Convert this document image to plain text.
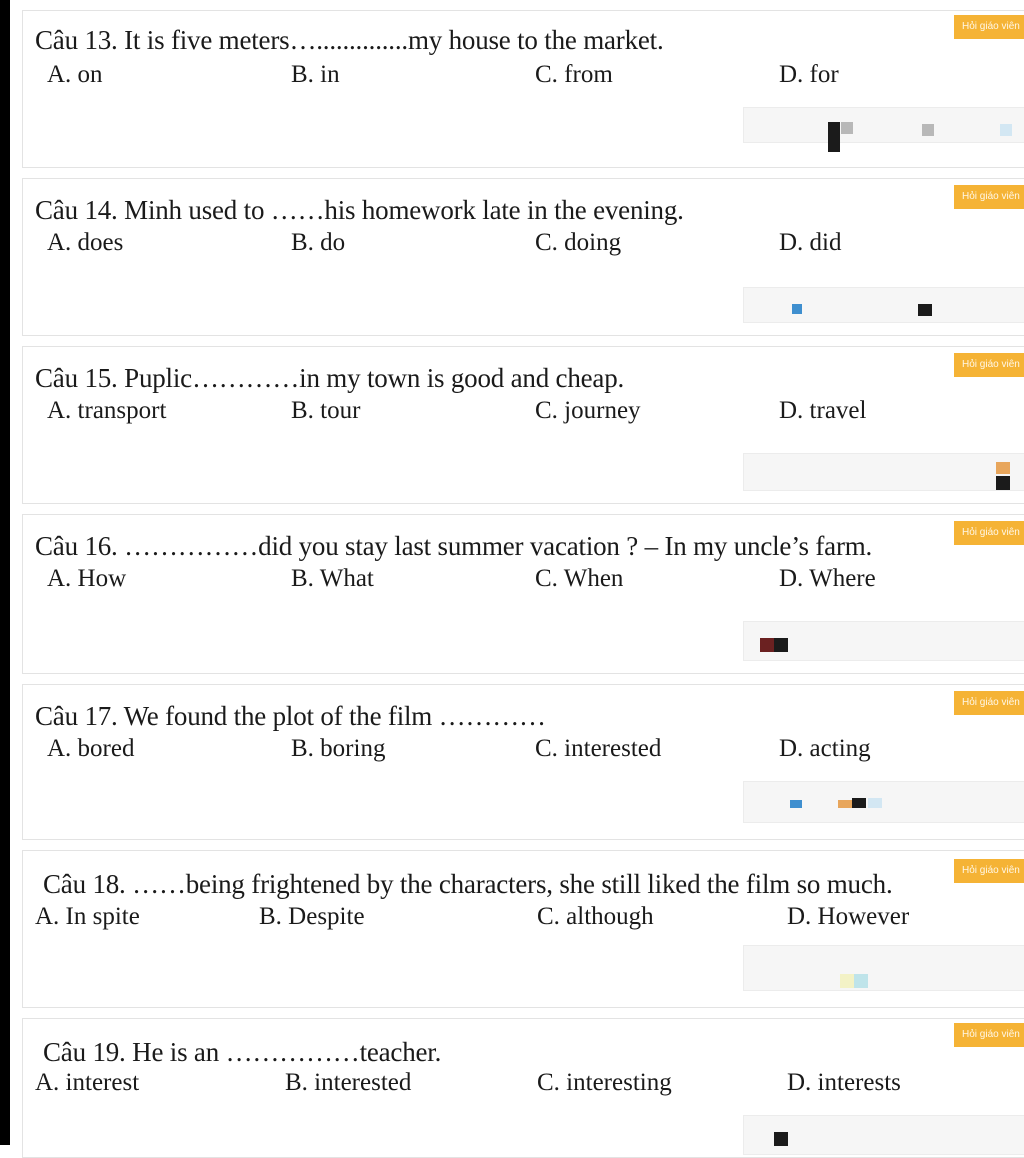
Câu 13. It is five meters…..............my house to the market.	Hỏi giáo viên
A. on	B. in	C. from	D. for
Câu 14. Minh used to ……his homework late in the evening.	Hỏi giáo viên
A. does	B. do	C. doing	D. did
Câu 15. Puplic…………in my town is good and cheap.	Hỏi giáo viên
A. transport	B. tour	C. journey	D. travel
Câu 16. ……………did you stay last summer vacation ? – In my uncle’s farm.	Hỏi giáo viên
A. How	B. What	C. When	D. Where
Câu 17. We found the plot of the film …………	Hỏi giáo viên
A. bored	B. boring	C. interested	D. acting
Câu 18. ……being frightened by the characters, she still liked the film so much.	Hỏi giáo viên
A. In spite	B. Despite	C. although	D. However
Câu 19. He is an ……………teacher.
Hỏi giáo viên
A. interest	B. interested	C. interesting	D. interests
